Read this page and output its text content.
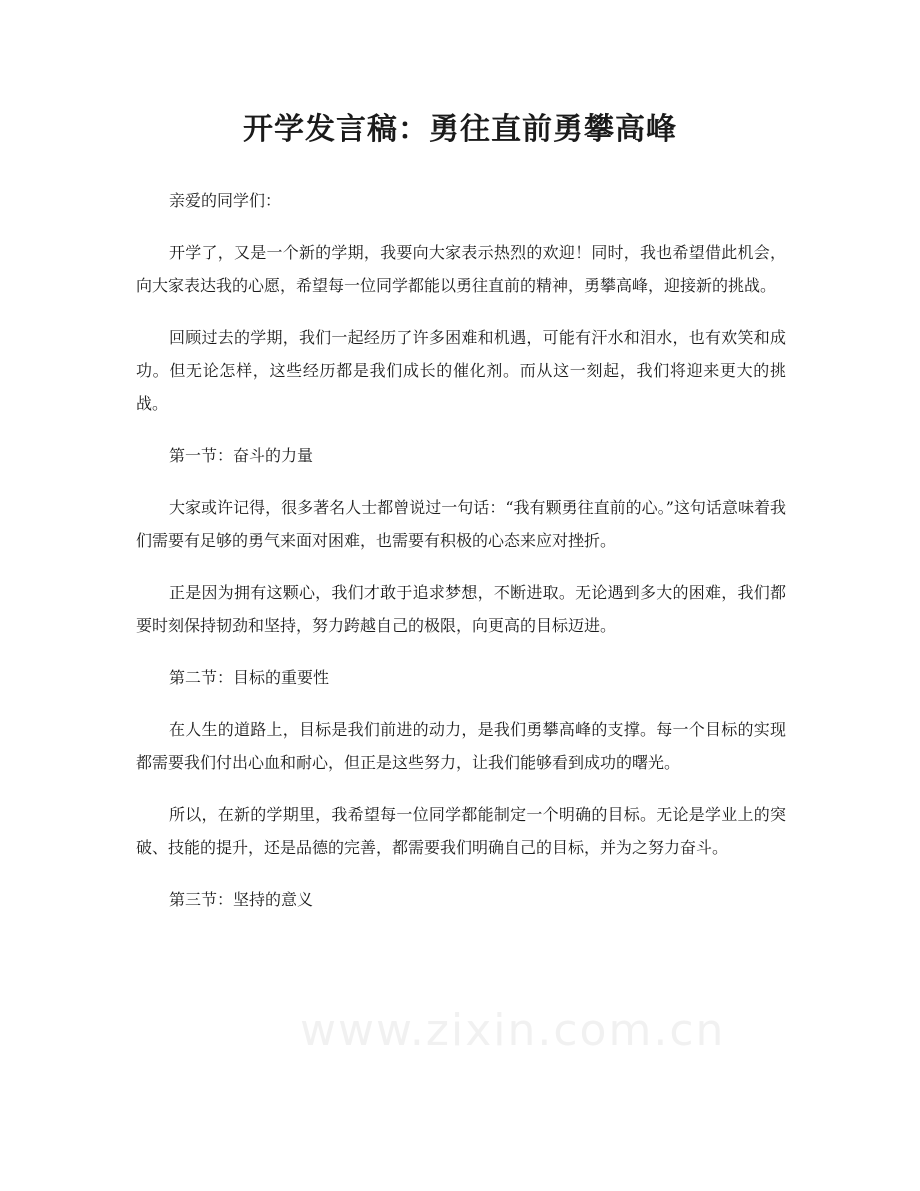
开学发言稿：勇往直前勇攀高峰

亲爱的同学们：

开学了，又是一个新的学期，我要向大家表示热烈的欢迎！同时，我也希望借此机会，向大家表达我的心愿，希望每一位同学都能以勇往直前的精神，勇攀高峰，迎接新的挑战。

回顾过去的学期，我们一起经历了许多困难和机遇，可能有汗水和泪水，也有欢笑和成功。但无论怎样，这些经历都是我们成长的催化剂。而从这一刻起，我们将迎来更大的挑战。

第一节：奋斗的力量

大家或许记得，很多著名人士都曾说过一句话：“我有颗勇往直前的心。”这句话意味着我们需要有足够的勇气来面对困难，也需要有积极的心态来应对挫折。

正是因为拥有这颗心，我们才敢于追求梦想，不断进取。无论遇到多大的困难，我们都要时刻保持韧劲和坚持，努力跨越自己的极限，向更高的目标迈进。

第二节：目标的重要性

在人生的道路上，目标是我们前进的动力，是我们勇攀高峰的支撑。每一个目标的实现都需要我们付出心血和耐心，但正是这些努力，让我们能够看到成功的曙光。

所以，在新的学期里，我希望每一位同学都能制定一个明确的目标。无论是学业上的突破、技能的提升，还是品德的完善，都需要我们明确自己的目标，并为之努力奋斗。

第三节：坚持的意义

www.zixin.com.cn
